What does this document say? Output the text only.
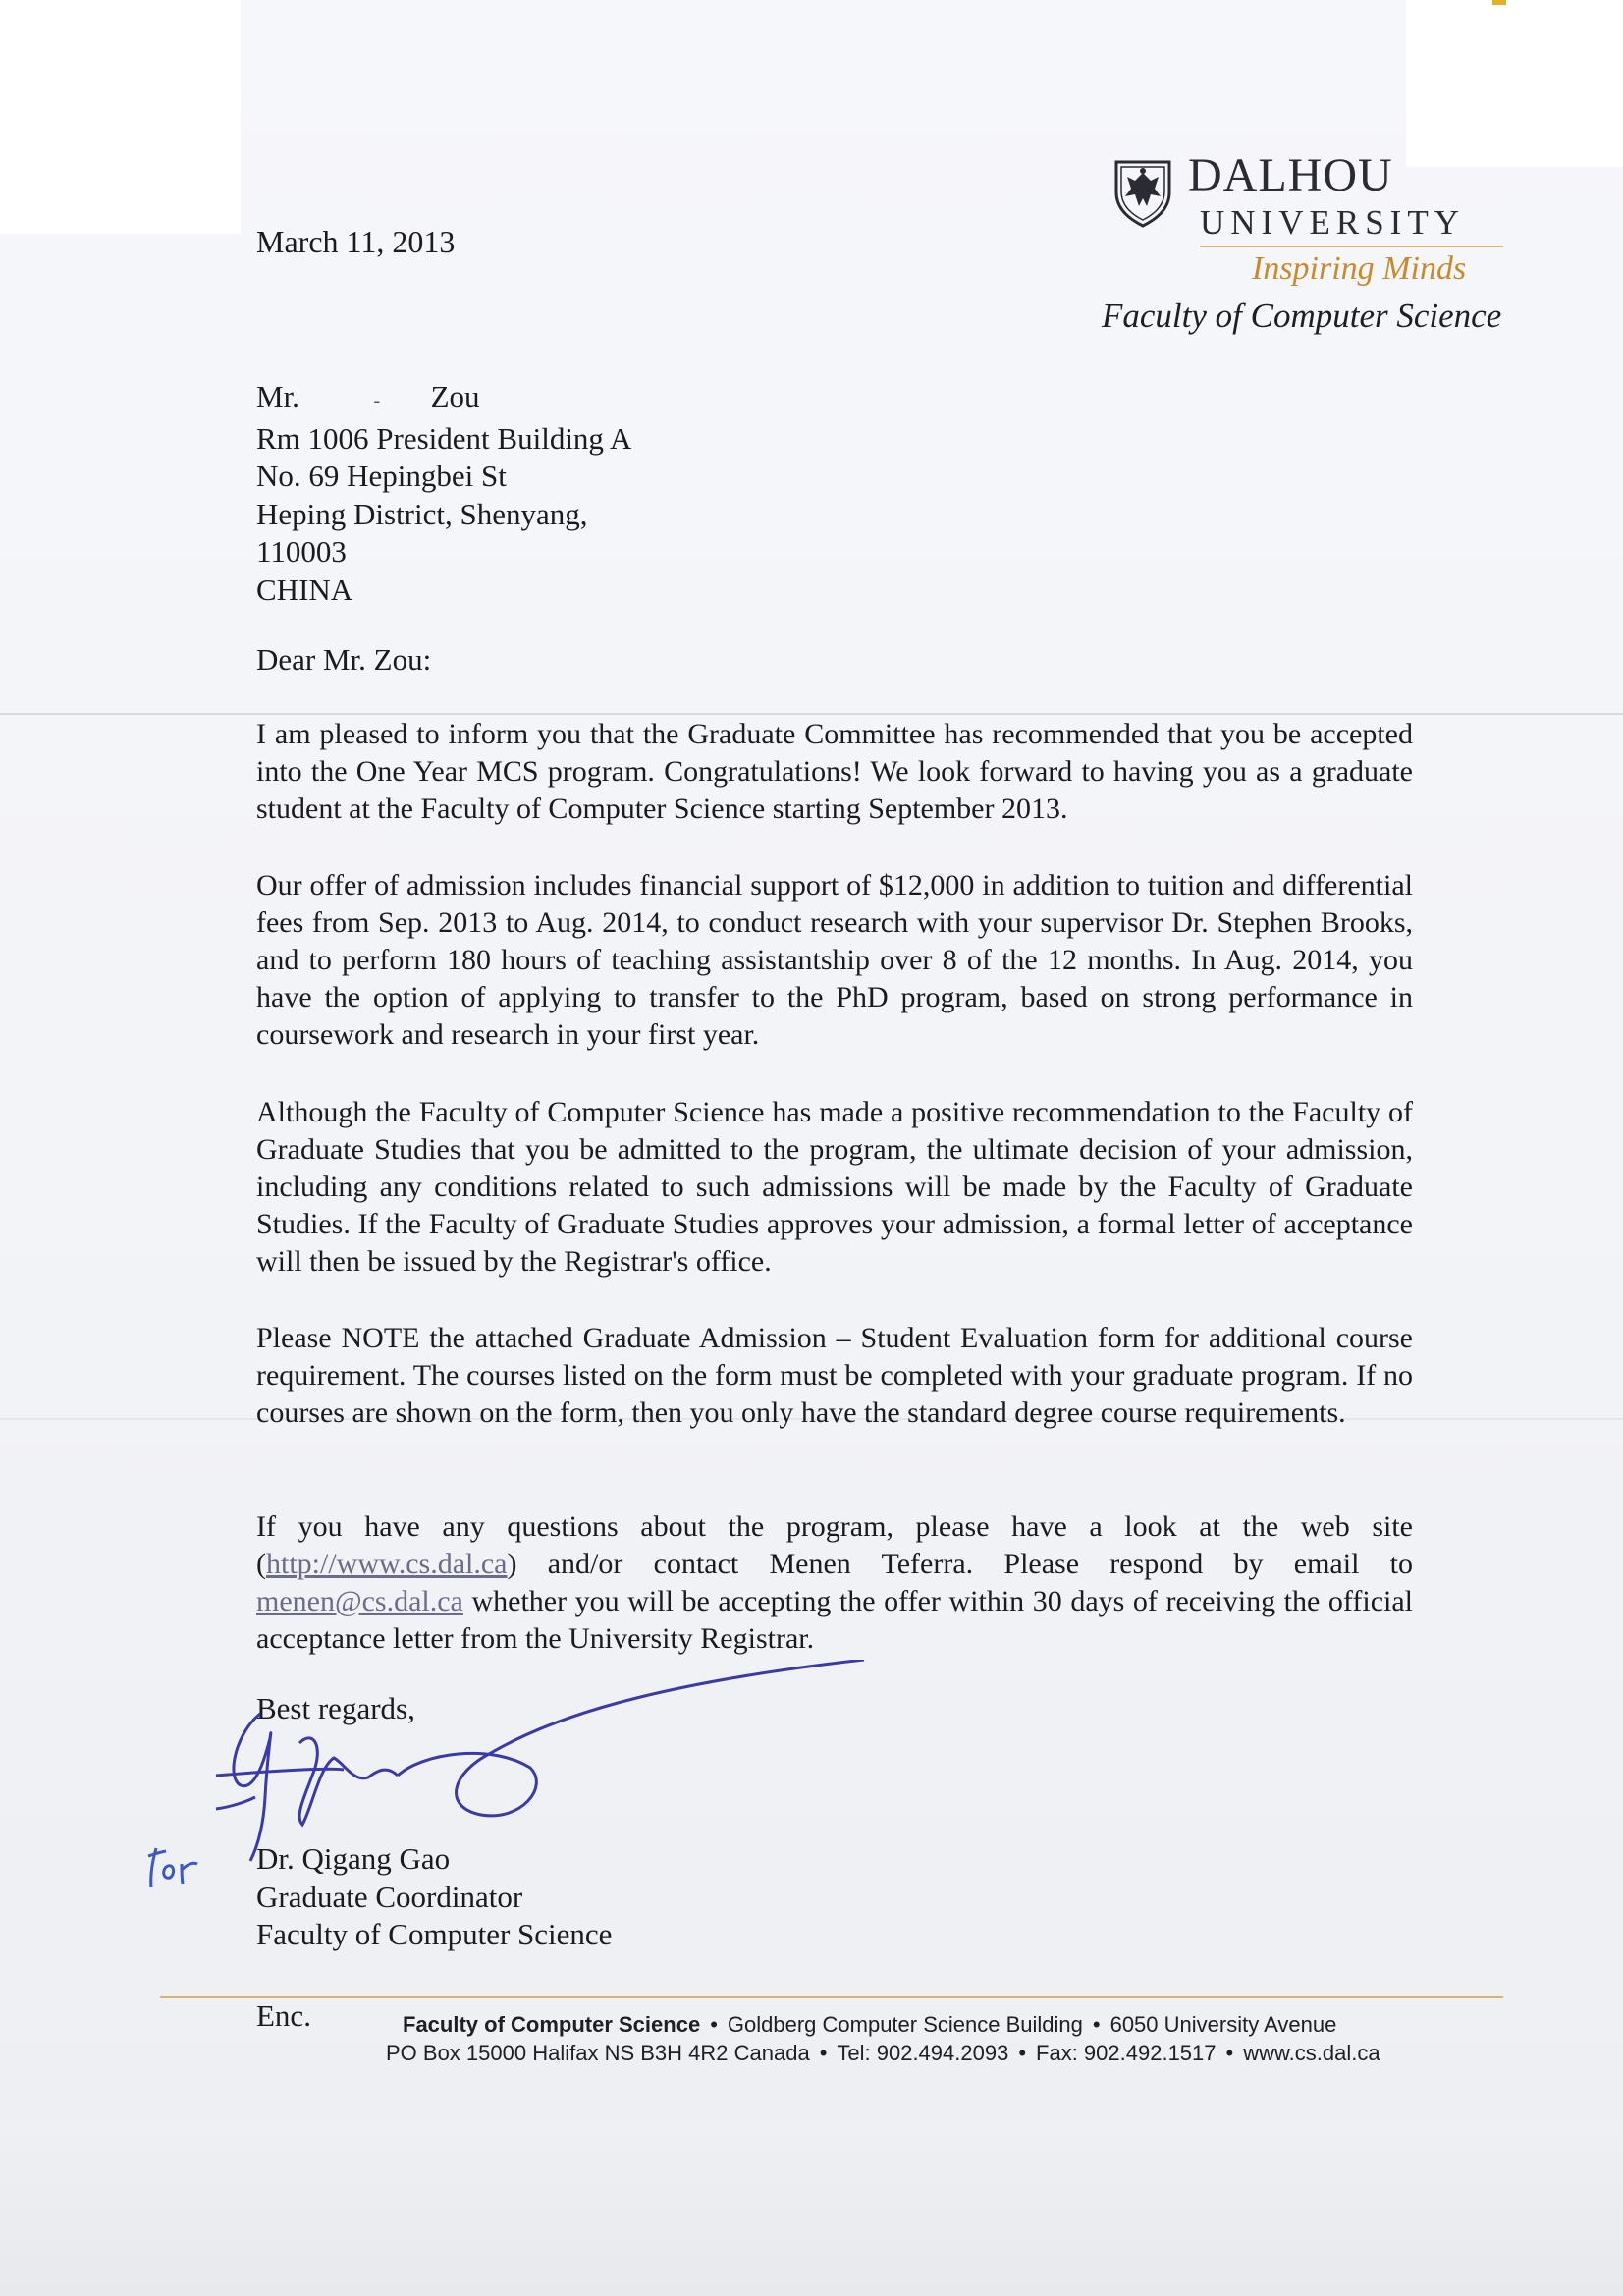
DALHOU
UNIVERSITY
Inspiring Minds
Faculty of Computer Science
March 11, 2013
Mr.	- Zou
Rm 1006 President Building A
No. 69 Hepingbei St
Heping District, Shenyang,
110003
CHINA
Dear Mr. Zou:

I am pleased to inform you that the Graduate Committee has recommended that you be accepted into the One Year MCS program. Congratulations! We look forward to having you as a graduate student at the Faculty of Computer Science starting September 2013.

Our offer of admission includes financial support of $12,000 in addition to tuition and differential fees from Sep. 2013 to Aug. 2014, to conduct research with your supervisor Dr. Stephen Brooks, and to perform 180 hours of teaching assistantship over 8 of the 12 months. In Aug. 2014, you have the option of applying to transfer to the PhD program, based on strong performance in coursework and research in your first year.

Although the Faculty of Computer Science has made a positive recommendation to the Faculty of Graduate Studies that you be admitted to the program, the ultimate decision of your admission, including any conditions related to such admissions will be made by the Faculty of Graduate Studies. If the Faculty of Graduate Studies approves your admission, a formal letter of acceptance will then be issued by the Registrar's office.

Please NOTE the attached Graduate Admission – Student Evaluation form for additional course requirement. The courses listed on the form must be completed with your graduate program. If no courses are shown on the form, then you only have the standard degree course requirements.

If you have any questions about the program, please have a look at the web site (http://www.cs.dal.ca) and/or contact Menen Teferra. Please respond by email to menen@cs.dal.ca whether you will be accepting the offer within 30 days of receiving the official acceptance letter from the University Registrar.

Best regards,
Dr. Qigang Gao
Graduate Coordinator
Faculty of Computer Science
Enc.	Faculty of Computer Science • Goldberg Computer Science Building • 6050 University Avenue
PO Box 15000 Halifax NS B3H 4R2 Canada • Tel: 902.494.2093 • Fax: 902.492.1517 • www.cs.dal.ca
